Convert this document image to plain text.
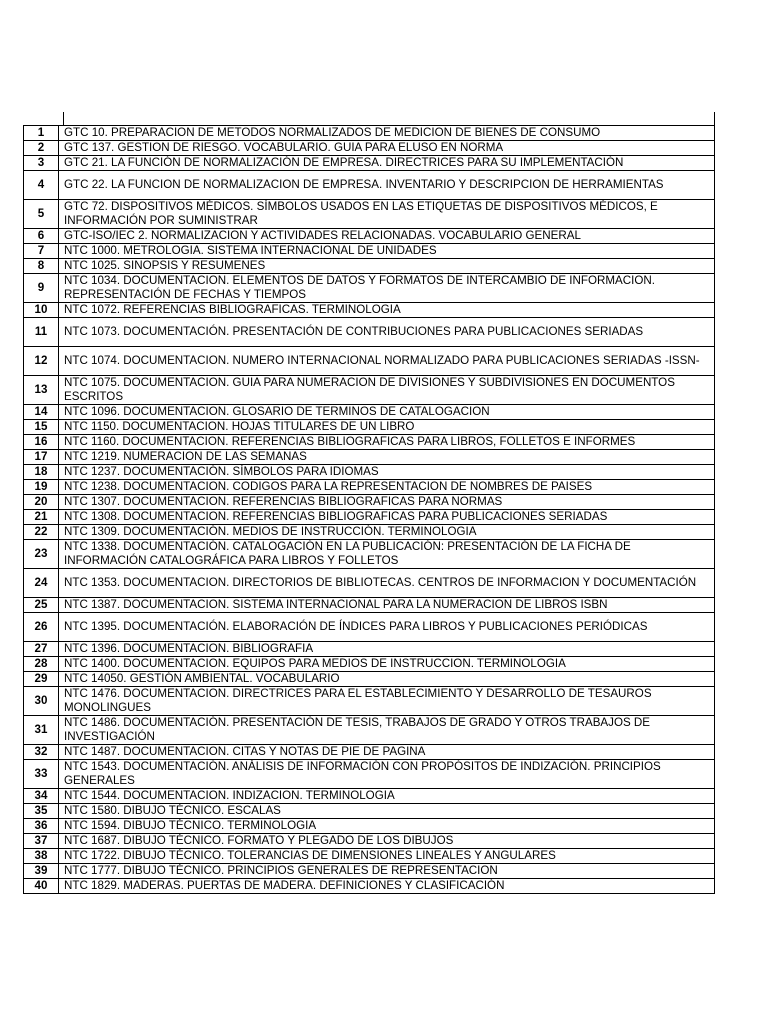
1	GTC 10. PREPARACION DE METODOS NORMALIZADOS DE MEDICION DE BIENES DE CONSUMO
2	GTC 137. GESTION DE RIESGO. VOCABULARIO. GUIA PARA ELUSO EN NORMA
3	GTC 21. LA FUNCIÓN DE NORMALIZACIÓN DE EMPRESA. DIRECTRICES PARA SU IMPLEMENTACIÓN
4	GTC 22. LA FUNCION DE NORMALIZACION DE EMPRESA. INVENTARIO Y DESCRIPCION DE HERRAMIENTAS
5	GTC 72. DISPOSITIVOS MÉDICOS. SÍMBOLOS USADOS EN LAS ETIQUETAS DE DISPOSITIVOS MÉDICOS, E INFORMACIÓN POR SUMINISTRAR
6	GTC-ISO/IEC 2. NORMALIZACION Y ACTIVIDADES RELACIONADAS. VOCABULARIO GENERAL
7	NTC 1000. METROLOGIA. SISTEMA INTERNACIONAL DE UNIDADES
8	NTC 1025. SINOPSIS Y RESUMENES
9	NTC 1034. DOCUMENTACION. ELEMENTOS DE DATOS Y FORMATOS DE INTERCAMBIO DE INFORMACION. REPRESENTACIÓN DE FECHAS Y TIEMPOS
10	NTC 1072. REFERENCIAS BIBLIOGRAFICAS. TERMINOLOGIA
11	NTC 1073. DOCUMENTACIÓN. PRESENTACIÓN DE CONTRIBUCIONES PARA PUBLICACIONES SERIADAS
12	NTC 1074. DOCUMENTACION. NUMERO INTERNACIONAL NORMALIZADO PARA PUBLICACIONES SERIADAS -ISSN-
13	NTC 1075. DOCUMENTACION. GUIA PARA NUMERACION DE DIVISIONES Y SUBDIVISIONES EN DOCUMENTOS ESCRITOS
14	NTC 1096. DOCUMENTACION. GLOSARIO DE TERMINOS DE CATALOGACION
15	NTC 1150. DOCUMENTACION. HOJAS TITULARES DE UN LIBRO
16	NTC 1160. DOCUMENTACION. REFERENCIAS BIBLIOGRAFICAS PARA LIBROS, FOLLETOS E INFORMES
17	NTC 1219. NUMERACION DE LAS SEMANAS
18	NTC 1237. DOCUMENTACIÓN. SÍMBOLOS PARA IDIOMAS
19	NTC 1238. DOCUMENTACION. CODIGOS PARA LA REPRESENTACION DE NOMBRES DE PAISES
20	NTC 1307. DOCUMENTACION. REFERENCIAS BIBLIOGRAFICAS PARA NORMAS
21	NTC 1308. DOCUMENTACION. REFERENCIAS BIBLIOGRAFICAS PARA PUBLICACIONES SERIADAS
22	NTC 1309. DOCUMENTACIÓN. MEDIOS DE INSTRUCCIÓN. TERMINOLOGIA
23	NTC 1338. DOCUMENTACIÓN. CATALOGACIÓN EN LA PUBLICACIÓN: PRESENTACIÓN DE LA FICHA DE INFORMACIÓN CATALOGRÁFICA PARA LIBROS Y FOLLETOS
24	NTC 1353. DOCUMENTACION. DIRECTORIOS DE BIBLIOTECAS. CENTROS DE INFORMACION Y DOCUMENTACIÓN
25	NTC 1387. DOCUMENTACION. SISTEMA INTERNACIONAL PARA LA NUMERACION DE LIBROS ISBN
26	NTC 1395. DOCUMENTACIÓN. ELABORACIÓN DE ÍNDICES PARA LIBROS Y PUBLICACIONES PERIÓDICAS
27	NTC 1396. DOCUMENTACION. BIBLIOGRAFIA
28	NTC 1400. DOCUMENTACION. EQUIPOS PARA MEDIOS DE INSTRUCCION. TERMINOLOGIA
29	NTC 14050. GESTIÓN AMBIENTAL. VOCABULARIO
30	NTC 1476. DOCUMENTACION. DIRECTRICES PARA EL ESTABLECIMIENTO Y DESARROLLO DE TESAUROS MONOLINGUES
31	NTC 1486. DOCUMENTACIÓN. PRESENTACIÓN DE TESIS, TRABAJOS DE GRADO Y OTROS TRABAJOS DE INVESTIGACIÓN
32	NTC 1487. DOCUMENTACION. CITAS Y NOTAS DE PIE DE PAGINA
33	NTC 1543. DOCUMENTACIÓN. ANÁLISIS DE INFORMACIÓN CON PROPÓSITOS DE INDIZACIÓN. PRINCIPIOS GENERALES
34	NTC 1544. DOCUMENTACION. INDIZACION. TERMINOLOGIA
35	NTC 1580. DIBUJO TÉCNICO. ESCALAS
36	NTC 1594. DIBUJO TÉCNICO. TERMINOLOGIA
37	NTC 1687. DIBUJO TÉCNICO. FORMATO Y PLEGADO DE LOS DIBUJOS
38	NTC 1722. DIBUJO TÉCNICO. TOLERANCIAS DE DIMENSIONES LINEALES Y ANGULARES
39	NTC 1777. DIBUJO TÉCNICO. PRINCIPIOS GENERALES DE REPRESENTACION
40	NTC 1829. MADERAS. PUERTAS DE MADERA. DEFINICIONES Y CLASIFICACIÓN
